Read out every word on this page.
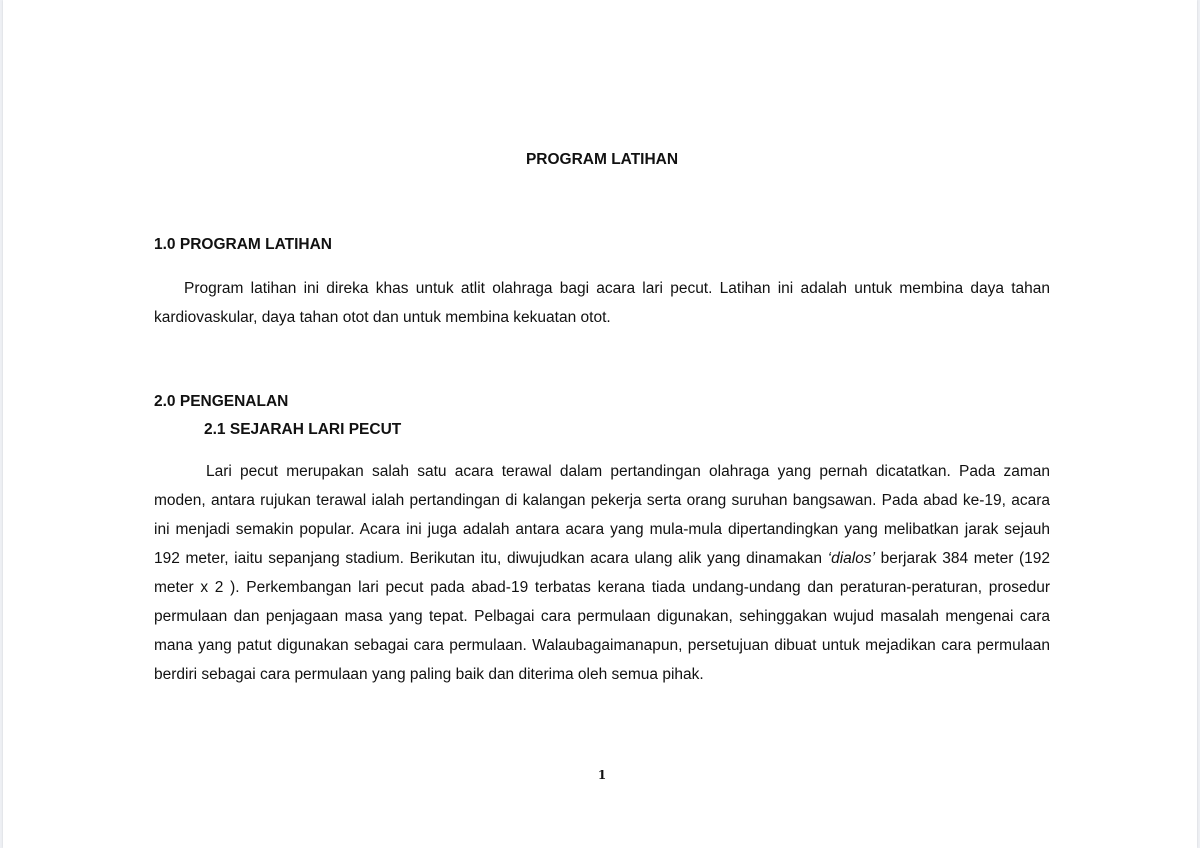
PROGRAM LATIHAN
1.0 PROGRAM LATIHAN

Program latihan ini direka khas untuk atlit olahraga bagi acara lari pecut. Latihan ini adalah untuk membina daya tahan kardiovaskular, daya tahan otot dan untuk membina kekuatan otot.

2.0 PENGENALAN
2.1 SEJARAH LARI PECUT

Lari pecut merupakan salah satu acara terawal dalam pertandingan olahraga yang pernah dicatatkan. Pada zaman moden, antara rujukan terawal ialah pertandingan di kalangan pekerja serta orang suruhan bangsawan. Pada abad ke-19, acara ini menjadi semakin popular. Acara ini juga adalah antara acara yang mula-mula dipertandingkan yang melibatkan jarak sejauh 192 meter, iaitu sepanjang stadium. Berikutan itu, diwujudkan acara ulang alik yang dinamakan ‘dialos’ berjarak 384 meter (192 meter x 2 ). Perkembangan lari pecut pada abad-19 terbatas kerana tiada undang-undang dan peraturan-peraturan, prosedur permulaan dan penjagaan masa yang tepat. Pelbagai cara permulaan digunakan, sehinggakan wujud masalah mengenai cara mana yang patut digunakan sebagai cara permulaan. Walaubagaimanapun, persetujuan dibuat untuk mejadikan cara permulaan berdiri sebagai cara permulaan yang paling baik dan diterima oleh semua pihak.

1
